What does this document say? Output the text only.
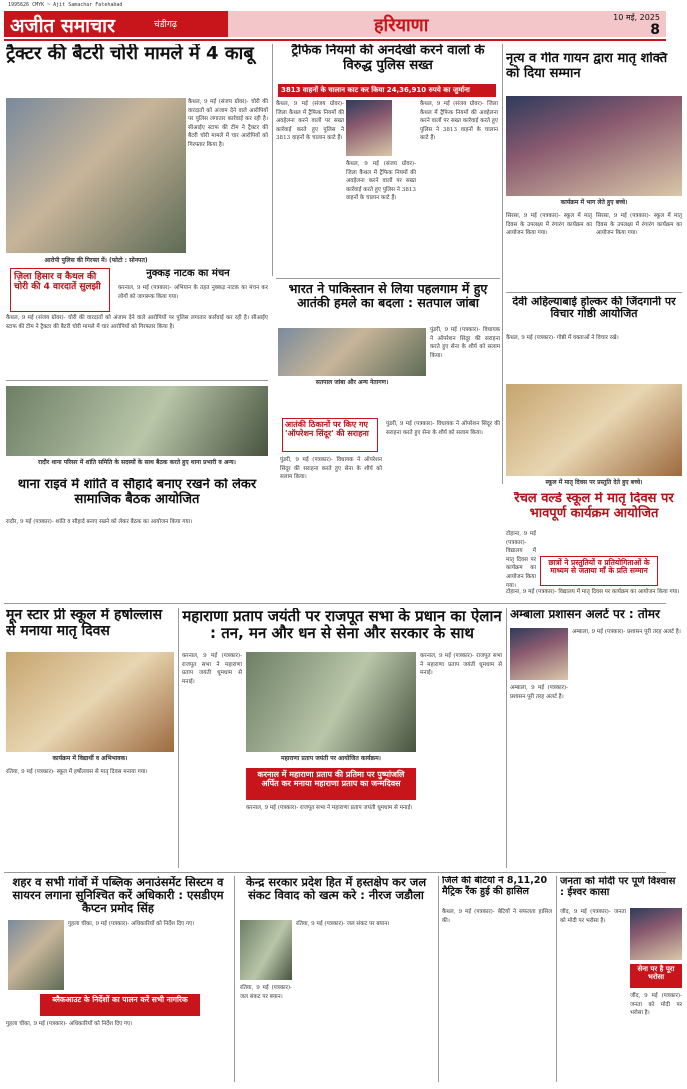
1995626 CMYK ~ Ajit Samachar Fatehabad
अजीत समाचार	चंडीगढ़	हरियाणा	10 मई, 2025
8
ट्रैक्टर की बैटरी चोरी मामले में 4 काबू
आरोपी पुलिस की गिरफ्त में। (फोटो : सोनपत)
कैथल, 9 मई (संजय ग्रोवर)- चोरी की वारदातों को अंजाम देने वाले आरोपियों पर पुलिस लगातार कार्रवाई कर रही है। सीआईए स्टाफ की टीम ने ट्रैक्टर की बैटरी चोरी मामले में चार आरोपियों को गिरफ्तार किया है।
ज़िला हिसार व कैथल की चोरी की 4 वारदातें सुलझी
कैथल, 9 मई (संजय ग्रोवर)- चोरी की वारदातों को अंजाम देने वाले आरोपियों पर पुलिस लगातार कार्रवाई कर रही है। सीआईए स्टाफ की टीम ने ट्रैक्टर की बैटरी चोरी मामले में चार आरोपियों को गिरफ्तार किया है।
ट्रैफिक नियमों की अनदेखी करने वालों के विरुद्ध पुलिस सख्त
3813 वाहनों के चालान काट कर किया 24,36,910 रुपये का जुर्माना
कैथल, 9 मई (संजय ग्रोवर)- जिला कैथल में ट्रैफिक नियमों की अवहेलना करने वालों पर सख्त कार्रवाई करते हुए पुलिस ने 3813 वाहनों के चालान काटे हैं।
कैथल, 9 मई (संजय ग्रोवर)- जिला कैथल में ट्रैफिक नियमों की अवहेलना करने वालों पर सख्त कार्रवाई करते हुए पुलिस ने 3813 वाहनों के चालान काटे हैं।
कैथल, 9 मई (संजय ग्रोवर)- जिला कैथल में ट्रैफिक नियमों की अवहेलना करने वालों पर सख्त कार्रवाई करते हुए पुलिस ने 3813 वाहनों के चालान काटे हैं।
नृत्य व गीत गायन द्वारा मातृ शक्ति को दिया सम्मान
कार्यक्रम में भाग लेते हुए बच्चे।
सिरसा, 9 मई (पत्रकार)- स्कूल में मातृ दिवस के उपलक्ष्य में रंगारंग कार्यक्रम का आयोजन किया गया।
सिरसा, 9 मई (पत्रकार)- स्कूल में मातृ दिवस के उपलक्ष्य में रंगारंग कार्यक्रम का आयोजन किया गया।
नुक्कड़ नाटक का मंचन
करनाल, 9 मई (पत्रकार)- अभियान के तहत नुक्कड़ नाटक का मंचन कर लोगों को जागरूक किया गया।
रादौर थाना परिसर में शांति समिति के सदस्यों के साथ बैठक करते हुए थाना प्रभारी व अन्य।
थाना राइवं में शांति व सौहार्द बनाए रखने को लेकर सामाजिक बैठक आयोजित
रादौर, 9 मई (पत्रकार)- शांति व सौहार्द बनाए रखने को लेकर बैठक का आयोजन किया गया।
भारत ने पाकिस्तान से लिया पहलगाम में हुए आतंकी हमले का बदला : सतपाल जांबा
सतपाल जांबा और अन्य नेतागण।
पुंडरी, 9 मई (पत्रकार)- विधायक ने ऑपरेशन सिंदूर की सराहना करते हुए सेना के शौर्य को सलाम किया।
आतंकी ठिकानों पर किए गए 'ऑपरेशन सिंदूर' की सराहना
पुंडरी, 9 मई (पत्रकार)- विधायक ने ऑपरेशन सिंदूर की सराहना करते हुए सेना के शौर्य को सलाम किया।
पुंडरी, 9 मई (पत्रकार)- विधायक ने ऑपरेशन सिंदूर की सराहना करते हुए सेना के शौर्य को सलाम किया।
देवी अहिल्याबाई होल्कर की जिंदगानी पर विचार गोष्ठी आयोजित
कैथल, 9 मई (पत्रकार)- गोष्ठी में वक्ताओं ने विचार रखे।
स्कूल में मातृ दिवस पर प्रस्तुति देते हुए बच्चे।
रैंचल वर्ल्ड स्कूल में मातृ दिवस पर भावपूर्ण कार्यक्रम आयोजित
छात्रों ने प्रस्तुतियों व प्रतियोगिताओं के माध्यम से जताया माँ के प्रति सम्मान
टोहाना, 9 मई (पत्रकार)- विद्यालय में मातृ दिवस पर कार्यक्रम का आयोजन किया गया।
टोहाना, 9 मई (पत्रकार)- विद्यालय में मातृ दिवस पर कार्यक्रम का आयोजन किया गया।
मून स्टार प्री स्कूल में हर्षोल्लास से मनाया मातृ दिवस
कार्यक्रम में विद्यार्थी व अभिभावक।
रतिया, 9 मई (पत्रकार)- स्कूल में हर्षोल्लास से मातृ दिवस मनाया गया।
महाराणा प्रताप जयंती पर राजपूत सभा के प्रधान का ऐलान : तन, मन और धन से सेना और सरकार के साथ
करनाल, 9 मई (पत्रकार)- राजपूत सभा ने महाराणा प्रताप जयंती धूमधाम से मनाई।
महाराणा प्रताप जयंती पर आयोजित कार्यक्रम।
करनाल में महाराणा प्रताप की प्रतिमा पर पुष्पांजलि अर्पित कर मनाया महाराणा प्रताप का जन्मदिवस
करनाल, 9 मई (पत्रकार)- राजपूत सभा ने महाराणा प्रताप जयंती धूमधाम से मनाई।
करनाल, 9 मई (पत्रकार)- राजपूत सभा ने महाराणा प्रताप जयंती धूमधाम से मनाई।
अम्बाला प्रशासन अलर्ट पर : तोमर
अम्बाला, 9 मई (पत्रकार)- प्रशासन पूरी तरह अलर्ट है।
अम्बाला, 9 मई (पत्रकार)- प्रशासन पूरी तरह अलर्ट है।
शहर व सभी गांवों में पब्लिक अनाउंसमेंट सिस्टम व सायरन लगाना सुनिश्चित करें अधिकारी : एसडीएम कैप्टन प्रमोद सिंह
गुहला चीका, 9 मई (पत्रकार)- अधिकारियों को निर्देश दिए गए।
ब्लैकआउट के निर्देशों का पालन करें सभी नागरिक
गुहला चीका, 9 मई (पत्रकार)- अधिकारियों को निर्देश दिए गए।
केन्द्र सरकार प्रदेश हित में हस्तक्षेप कर जल संकट विवाद को खत्म करे : नीरज जडौला
रतिया, 9 मई (पत्रकार)- जल संकट पर बयान।
रतिया, 9 मई (पत्रकार)- जल संकट पर बयान।
जिले की बेटियों ने 8,11,20 मैट्रिक रैंक हुई की हासिल
कैथल, 9 मई (पत्रकार)- बेटियों ने सफलता हासिल की।
जनता को मोदी पर पूर्ण विश्वास : ईश्वर कासा
जींद, 9 मई (पत्रकार)- जनता को मोदी पर भरोसा है।
सेना पर है पूरा भरोसा
जींद, 9 मई (पत्रकार)- जनता को मोदी पर भरोसा है।
